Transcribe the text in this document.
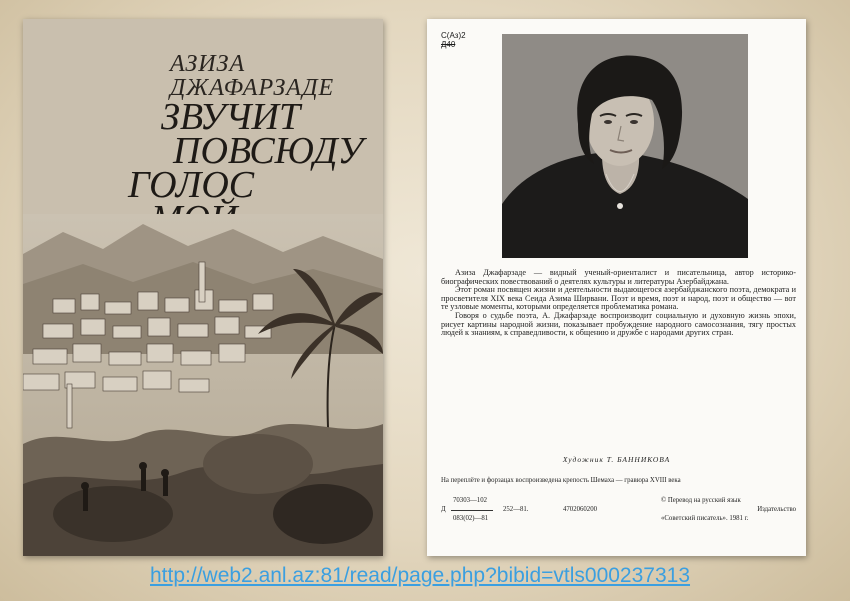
АЗИЗА
ДЖАФАРЗАДЕ
ЗВУЧИТ
ПОВСЮДУ
ГОЛОС
С(Аз)2
Д40

Азиза Джафарзаде — видный ученый-ориенталист и писательница, автор историко-биографических повествований о деятелях культуры и литературы Азербайджана.

Этот роман посвящен жизни и деятельности выдающегося азербайджанского поэта, демократа и просветителя XIX века Сеида Азима Ширвани. Поэт и время, поэт и народ, поэт и общество — вот те узловые моменты, которыми определяется проблематика романа.

Говоря о судьбе поэта, А. Джафарзаде воспроизводит социальную и духовную жизнь эпохи, рисует картины народной жизни, показывает пробуждение народного самосознания, тягу простых людей к знаниям, к справедливости, к общению и дружбе с народами других стран.

Художник Т. БАННИКОВА
На переплёте и форзацах воспроизведена крепость Шемаха — гравюра XVIII века
70303—102
Д	252—81.	4702060200
083(02)—81
© Перевод на русский язык
Издательство
«Советский писатель». 1981 г.
http://web2.anl.az:81/read/page.php?bibid=vtls000237313
